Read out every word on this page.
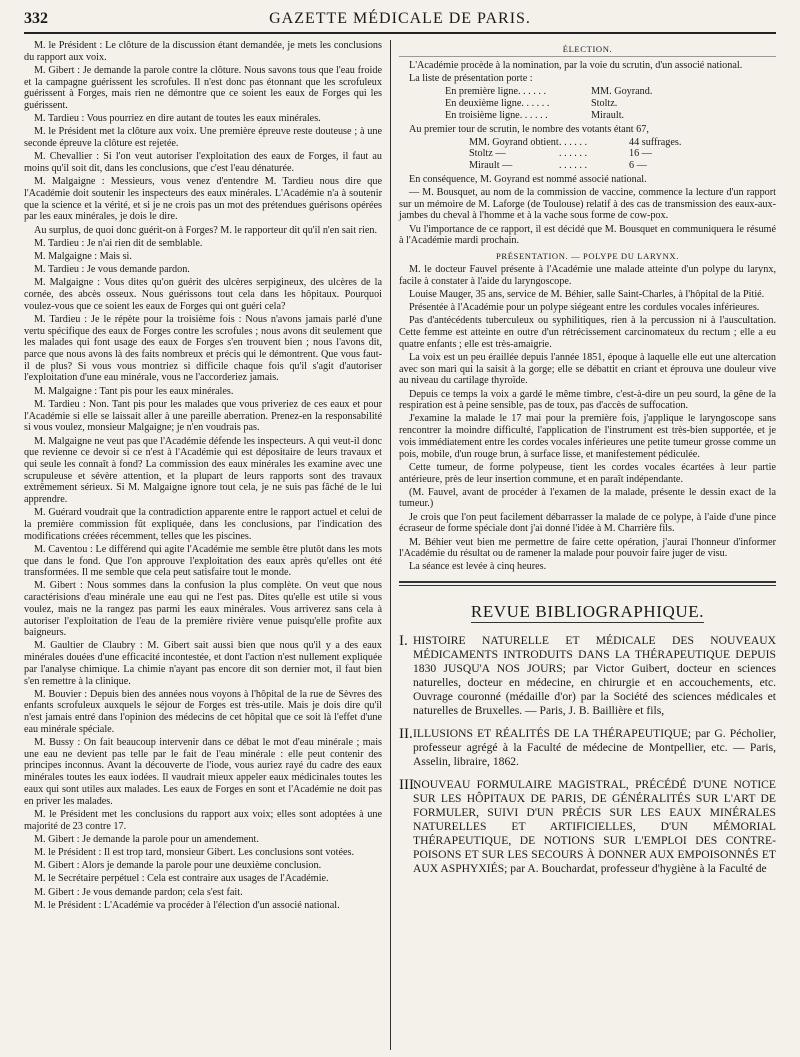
332	GAZETTE MÉDICALE DE PARIS.

M. le Président : Le clôture de la discussion étant demandée, je mets les conclusions du rapport aux voix.

M. Gibert : Je demande la parole contre la clôture. Nous savons tous que l'eau froide et la campagne guérissent les scrofules. Il n'est donc pas étonnant que les scrofuleux guérissent à Forges, mais rien ne démontre que ce soient les eaux de Forges qui les guérissent.

M. Tardieu : Vous pourriez en dire autant de toutes les eaux minérales.

M. le Président met la clôture aux voix. Une première épreuve reste douteuse ; à une seconde épreuve la clôture est rejetée.

M. Chevallier : Si l'on veut autoriser l'exploitation des eaux de Forges, il faut au moins qu'il soit dit, dans les conclusions, que c'est l'eau dénaturée.

M. Malgaigne : Messieurs, vous venez d'entendre M. Tardieu nous dire que l'Académie doit soutenir les inspecteurs des eaux minérales. L'Académie n'a à soutenir que la science et la vérité, et si je ne crois pas un mot des prétendues guérisons opérées par les eaux minérales, je dois le dire.

Au surplus, de quoi donc guérit-on à Forges? M. le rapporteur dit qu'il n'en sait rien.

M. Tardieu : Je n'ai rien dit de semblable.

M. Malgaigne : Mais si.

M. Tardieu : Je vous demande pardon.

M. Malgaigne : Vous dites qu'on guérit des ulcères serpigineux, des ulcères de la cornée, des abcès osseux. Nous guérissons tout cela dans les hôpitaux. Pourquoi voulez-vous que ce soient les eaux de Forges qui ont guéri cela?

M. Tardieu : Je le répète pour la troisième fois : Nous n'avons jamais parlé d'une vertu spécifique des eaux de Forges contre les scrofules ; nous avons dit seulement que les malades qui font usage des eaux de Forges s'en trouvent bien ; nous l'avons dit, parce que nous avons là des faits nombreux et précis qui le démontrent. Que vous faut-il de plus? Si vous vous montriez si difficile chaque fois qu'il s'agit d'autoriser l'exploitation d'une eau minérale, vous ne l'accorderiez jamais.

M. Malgaigne : Tant pis pour les eaux minérales.

M. Tardieu : Non. Tant pis pour les malades que vous priveriez de ces eaux et pour l'Académie si elle se laissait aller à une pareille aberration. Prenez-en la responsabilité si vous voulez, monsieur Malgaigne; je n'en voudrais pas.

M. Malgaigne ne veut pas que l'Académie défende les inspecteurs. A qui veut-il donc que revienne ce devoir si ce n'est à l'Académie qui est dépositaire de leurs travaux et qui seule les connaît à fond? La commission des eaux minérales les examine avec une scrupuleuse et sévère attention, et la plupart de leurs rapports sont des travaux extrêmement sérieux. Si M. Malgaigne ignore tout cela, je ne suis pas fâché de le lui apprendre.

M. Guérard voudrait que la contradiction apparente entre le rapport actuel et celui de la première commission fût expliquée, dans les conclusions, par l'indication des modifications créées récemment, telles que les piscines.

M. Caventou : Le différend qui agite l'Académie me semble être plutôt dans les mots que dans le fond. Que l'on approuve l'exploitation des eaux après qu'elles ont été transformées. Il me semble que cela peut satisfaire tout le monde.

M. Gibert : Nous sommes dans la confusion la plus complète. On veut que nous caractérisions d'eau minérale une eau qui ne l'est pas. Dites qu'elle est utile si vous voulez, mais ne la rangez pas parmi les eaux minérales. Vous arriverez sans cela à autoriser l'exploitation de l'eau de la première rivière venue puisqu'elle profite aux baigneurs.

M. Gaultier de Claubry : M. Gibert sait aussi bien que nous qu'il y a des eaux minérales douées d'une efficacité incontestée, et dont l'action n'est nullement expliquée par l'analyse chimique. La chimie n'ayant pas encore dit son dernier mot, il faut bien s'en remettre à la clinique.

M. Bouvier : Depuis bien des années nous voyons à l'hôpital de la rue de Sèvres des enfants scrofuleux auxquels le séjour de Forges est très-utile. Mais je dois dire qu'il n'est jamais entré dans l'opinion des médecins de cet hôpital que ce soit là l'effet d'une eau minérale spéciale.

M. Bussy : On fait beaucoup intervenir dans ce débat le mot d'eau minérale ; mais une eau ne devient pas telle par le fait de l'eau minérale : elle peut contenir des principes inconnus. Avant la découverte de l'iode, vous auriez rayé du cadre des eaux minérales toutes les eaux iodées. Il vaudrait mieux appeler eaux médicinales toutes les eaux qui sont utiles aux malades. Les eaux de Forges en sont et l'Académie ne doit pas en priver les malades.

M. le Président met les conclusions du rapport aux voix; elles sont adoptées à une majorité de 23 contre 17.

M. Gibert : Je demande la parole pour un amendement.

M. le Président : Il est trop tard, monsieur Gibert. Les conclusions sont votées.

M. Gibert : Alors je demande la parole pour une deuxième conclusion.

M. le Secrétaire perpétuel : Cela est contraire aux usages de l'Académie.

M. Gibert : Je vous demande pardon; cela s'est fait.

M. le Président : L'Académie va procéder à l'élection d'un associé national.

ÉLECTION.

L'Académie procède à la nomination, par la voie du scrutin, d'un associé national.

La liste de présentation porte :

En première ligne. . . . . .	MM. Goyrand.
En deuxième ligne. . . . . .	Stoltz.
En troisième ligne. . . . . .	Mirault.

Au premier tour de scrutin, le nombre des votants étant 67,

MM. Goyrand obtient . . . . . .	44 suffrages.
Stoltz —	. . . . . .	16 —
Mirault —	. . . . . .	6 —

En conséquence, M. Goyrand est nommé associé national.

— M. Bousquet, au nom de la commission de vaccine, commence la lecture d'un rapport sur un mémoire de M. Laforge (de Toulouse) relatif à des cas de transmission des eaux-aux-jambes du cheval à l'homme et à la vache sous forme de cow-pox.

Vu l'importance de ce rapport, il est décidé que M. Bousquet en communiquera le résumé à l'Académie mardi prochain.

PRÉSENTATION. — POLYPE DU LARYNX.

M. le docteur Fauvel présente à l'Académie une malade atteinte d'un polype du larynx, facile à constater à l'aide du laryngoscope.

Louise Mauger, 35 ans, service de M. Béhier, salle Saint-Charles, à l'hôpital de la Pitié.

Présentée à l'Académie pour un polype siégeant entre les cordules vocales inférieures.

Pas d'antécédents tuberculeux ou syphilitiques, rien à la percussion ni à l'auscultation. Cette femme est atteinte en outre d'un rétrécissement carcinomateux du rectum ; elle a eu quatre enfants ; elle est très-amaigrie.

La voix est un peu éraillée depuis l'année 1851, époque à laquelle elle eut une altercation avec son mari qui la saisit à la gorge; elle se débattit en criant et éprouva une douleur vive au niveau du cartilage thyroïde.

Depuis ce temps la voix a gardé le même timbre, c'est-à-dire un peu sourd, la gêne de la respiration est à peine sensible, pas de toux, pas d'accès de suffocation.

J'examine la malade le 17 mai pour la première fois, j'applique le laryngoscope sans rencontrer la moindre difficulté, l'application de l'instrument est très-bien supportée, et je vois immédiatement entre les cordes vocales inférieures une petite tumeur grosse comme un pois, mobile, d'un rouge brun, à surface lisse, et manifestement pédiculée.

Cette tumeur, de forme polypeuse, tient les cordes vocales écartées à leur partie antérieure, près de leur insertion commune, et en paraît indépendante.

(M. Fauvel, avant de procéder à l'examen de la malade, présente le dessin exact de la tumeur.)

Je crois que l'on peut facilement débarrasser la malade de ce polype, à l'aide d'une pince écraseur de forme spéciale dont j'ai donné l'idée à M. Charrière fils.

M. Béhier veut bien me permettre de faire cette opération, j'aurai l'honneur d'informer l'Académie du résultat ou de ramener la malade pour pouvoir faire juger de visu.

La séance est levée à cinq heures.

REVUE BIBLIOGRAPHIQUE.
I. HISTOIRE NATURELLE ET MÉDICALE DES NOUVEAUX MÉDICAMENTS INTRODUITS DANS LA THÉRAPEUTIQUE DEPUIS 1830 JUSQU'A NOS JOURS; par Victor Guibert, docteur en sciences naturelles, docteur en médecine, en chirurgie et en accouchements, etc. Ouvrage couronné (médaille d'or) par la Société des sciences médicales et naturelles de Bruxelles. — Paris, J. B. Baillière et fils,
II. ILLUSIONS ET RÉALITÉS DE LA THÉRAPEUTIQUE; par G. Pécholier, professeur agrégé à la Faculté de médecine de Montpellier, etc. — Paris, Asselin, libraire, 1862.
III.
NOUVEAU FORMULAIRE MAGISTRAL, PRÉCÉDÉ D'UNE NOTICE SUR LES HÔPITAUX DE PARIS, DE GÉNÉRALITÉS SUR L'ART DE FORMULER, SUIVI D'UN PRÉCIS SUR LES EAUX MINÉRALES NATURELLES ET ARTIFICIELLES, D'UN MÉMORIAL THÉRAPEUTIQUE, DE NOTIONS SUR L'EMPLOI DES CONTRE-POISONS ET SUR LES SECOURS À DONNER AUX EMPOISONNÉS ET AUX ASPHYXIÉS; par A. Bouchardat, professeur d'hygiène à la Faculté de
